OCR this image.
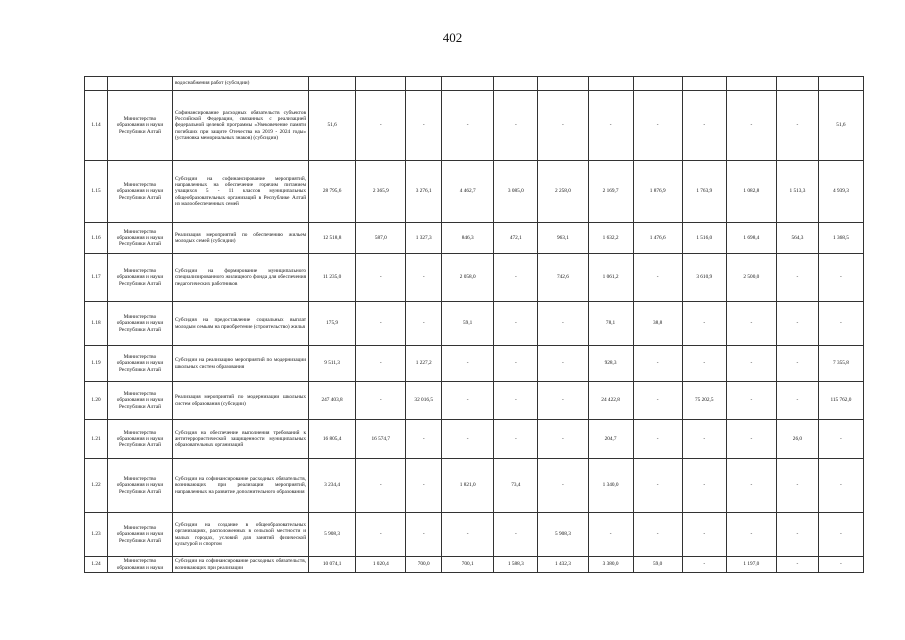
402
		водоснабжения работ (субсидии)												
1.14	Министерство образования и науки Республики Алтай	Софинансирование расходных обязательств субъектов Российской Федерации, связанных с реализацией федеральной целевой программы «Увековечение памяти погибших при защите Отечества на 2019 - 2024 годы» (установка мемориальных знаков) (субсидии)	51,6	-	-	-	-	-	-	-	-	-	-	51,6
1.15	Министерство образования и науки Республики Алтай	Субсидии на софинансирование мероприятий, направленных на обеспечение горячим питанием учащихся 5 - 11 классов муниципальных общеобразовательных организаций в Республике Алтай из малообеспеченных семей	28 795,6	2 365,9	3 276,1	4 462,7	3 085,0	2 258,0	2 169,7	1 876,9	1 763,9	1 082,8	1 513,3	4 939,3
1.16	Министерство образования и науки Республики Алтай	Реализация мероприятий по обеспечению жильем молодых семей (субсидии)	12 518,8	587,0	1 327,3	846,3	472,1	963,1	1 632,2	1 476,6	1 516,0	1 698,4	564,3	1 368,5
1.17	Министерство образования и науки Республики Алтай	Субсидии на формирование муниципального специализированного жилищного фонда для обеспечения педагогических работников	11 235,0	-	-	2 058,0	-	742,6	1 061,2	-	3 610,9	2 500,0	-	-
1.18	Министерство образования и науки Республики Алтай	Субсидия на предоставление социальных выплат молодым семьям на приобретение (строительство) жилья	175,9	-	-	59,1	-	-	78,1	38,8	-	-	-	-
1.19	Министерство образования и науки Республики Алтай	Субсидии на реализацию мероприятий по модернизации школьных систем образования	9 511,3	-	1 227,2	-	-	-	928,3	-	-	-	-	7 355,8
1.20	Министерство образования и науки Республики Алтай	Реализация мероприятий по модернизации школьных систем образования (субсидии)	247 403,8	-	32 016,5	-	-	-	24 422,8	-	75 202,5	-	-	115 762,0
1.21	Министерство образования и науки Республики Алтай	Субсидия на обеспечение выполнения требований к антитеррористической защищенности муниципальных образовательных организаций	16 805,4	16 574,7	-	-	-	-	204,7	-	-	-	26,0	-
1.22	Министерство образования и науки Республики Алтай	Субсидии на софинансирование расходных обязательств, возникающих при реализации мероприятий, направленных на развитие дополнительного образования	3 234,4	-	-	1 821,0	73,4	-	1 340,0	-	-	-	-	-
1.23	Министерство образования и науки Республики Алтай	Субсидии на создание в общеобразовательных организациях, расположенных в сельской местности и малых городах, условий для занятий физической культурой и спортом	5 908,3	-	-	-	-	5 908,3	-	-	-	-	-	-
1.24	Министерство образования и науки	Субсидии на софинансирование расходных обязательств, возникающих при реализации	10 074,1	1 020,4	700,0	700,1	1 588,3	1 432,3	3 380,0	59,0	-	1 197,0	-	-
